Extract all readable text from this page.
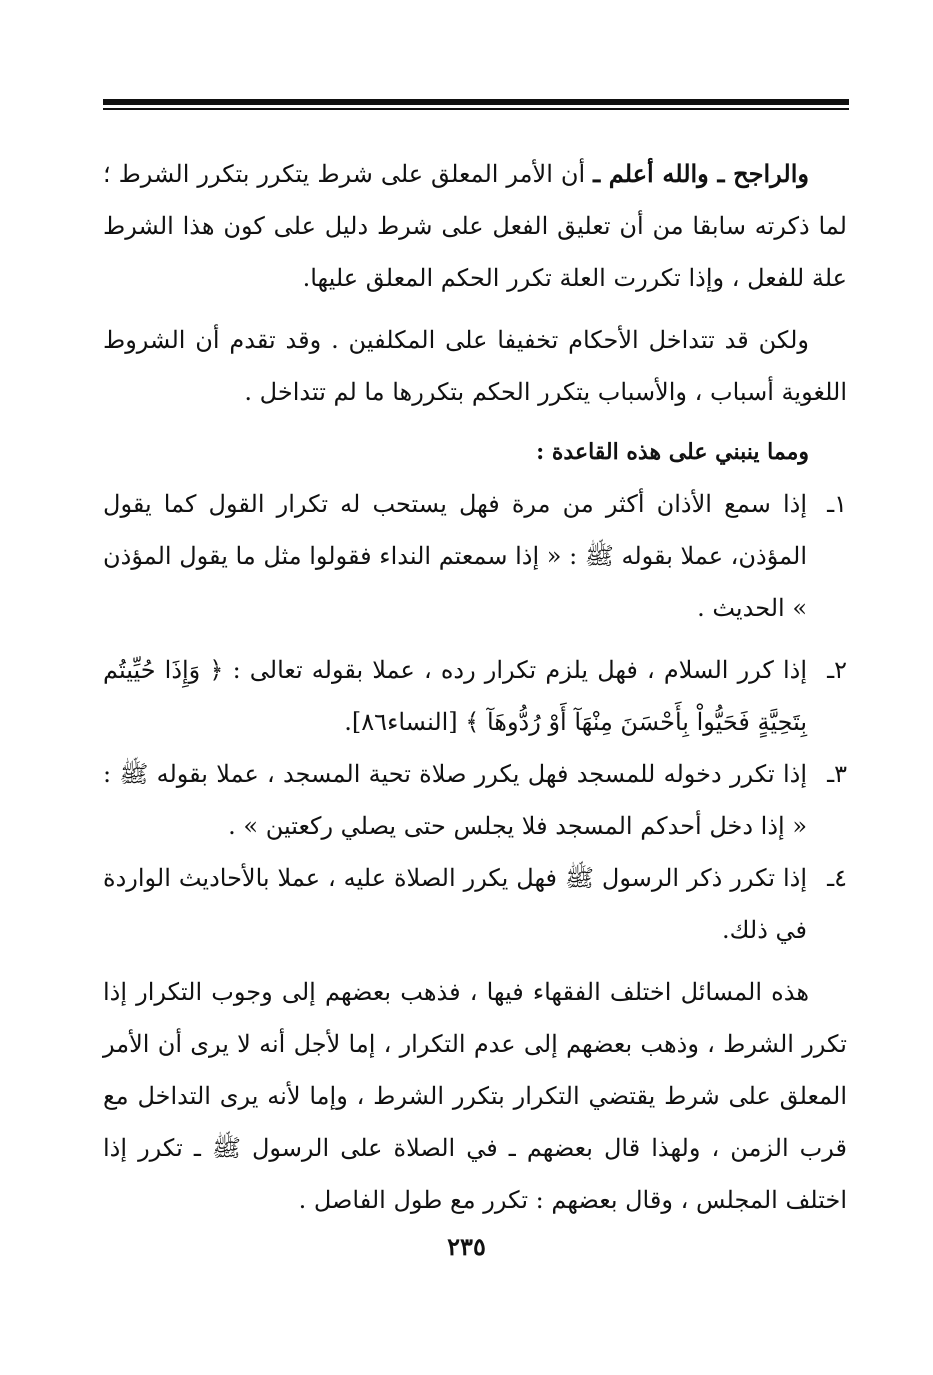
والراجح ـ والله أعلم ـ أن الأمر المعلق على شرط يتكرر بتكرر الشرط ؛ لما ذكرته سابقا من أن تعليق الفعل على شرط دليل على كون هذا الشرط علة للفعل ، وإذا تكررت العلة تكرر الحكم المعلق عليها.

ولكن قد تتداخل الأحكام تخفيفا على المكلفين . وقد تقدم أن الشروط اللغوية أسباب ، والأسباب يتكرر الحكم بتكررها ما لم تتداخل .

ومما ينبني على هذه القاعدة :

١ـ
إذا سمع الأذان أكثر من مرة فهل يستحب له تكرار القول كما يقول المؤذن، عملا بقوله ﷺ : « إذا سمعتم النداء فقولوا مثل ما يقول المؤذن » الحديث .
٢ـ
إذا كرر السلام ، فهل يلزم تكرار رده ، عملا بقوله تعالى : ﴿ وَإِذَا حُيِّيتُم بِتَحِيَّةٍ فَحَيُّواْ بِأَحْسَنَ مِنْهَآ أَوْ رُدُّوهَآ ﴾ [النساء٨٦].
٣ـ
إذا تكرر دخوله للمسجد فهل يكرر صلاة تحية المسجد ، عملا بقوله ﷺ : « إذا دخل أحدكم المسجد فلا يجلس حتى يصلي ركعتين » .
٤ـ
إذا تكرر ذكر الرسول ﷺ فهل يكرر الصلاة عليه ، عملا بالأحاديث الواردة في ذلك.

هذه المسائل اختلف الفقهاء فيها ، فذهب بعضهم إلى وجوب التكرار إذا تكرر الشرط ، وذهب بعضهم إلى عدم التكرار ، إما لأجل أنه لا يرى أن الأمر المعلق على شرط يقتضي التكرار بتكرر الشرط ، وإما لأنه يرى التداخل مع قرب الزمن ، ولهذا قال بعضهم ـ في الصلاة على الرسول ﷺ ـ تكرر إذا اختلف المجلس ، وقال بعضهم : تكرر مع طول الفاصل .

٢٣٥
